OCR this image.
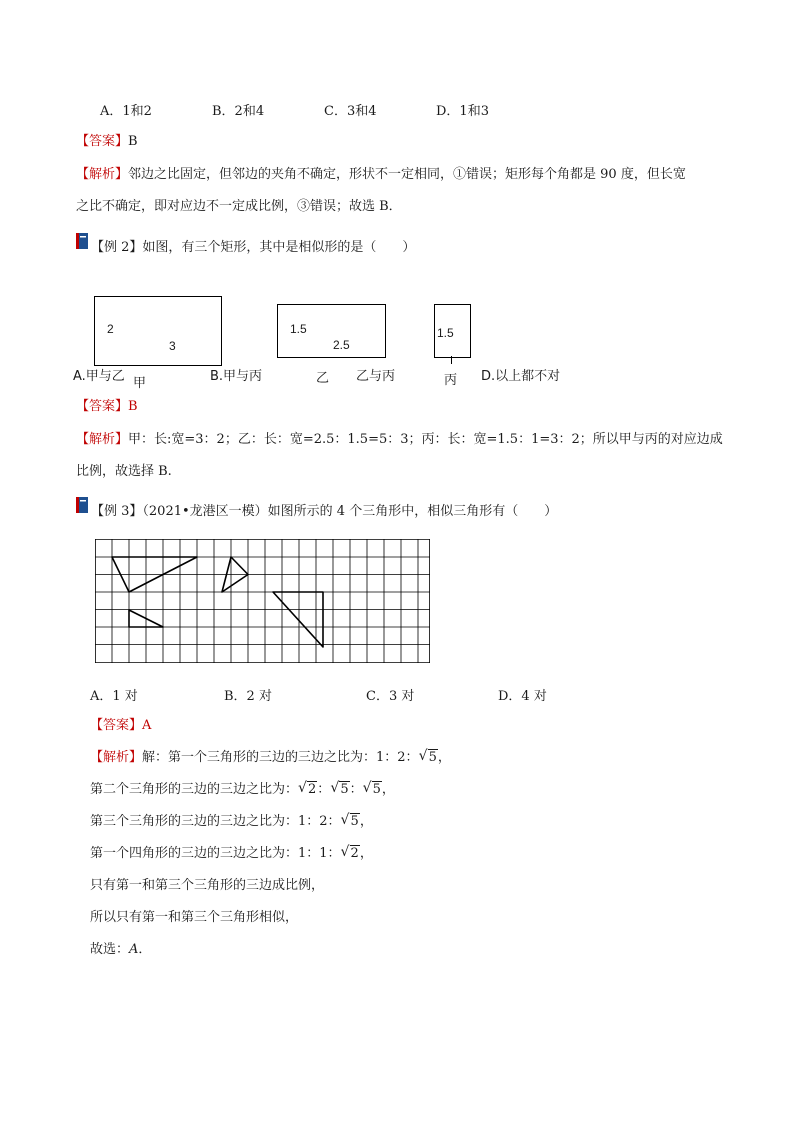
A．1和2	B．2和4	C．3和4	D．1和3
【答案】B
【解析】邻边之比固定，但邻边的夹角不确定，形状不一定相同，①错误；矩形每个角都是 90 度，但长宽
之比不确定，即对应边不一定成比例，③错误；故选 B．
【例 2】如图，有三个矩形，其中是相似形的是（　　）
2
3
1.5
2.5
1.5
A.甲与乙 甲	B.甲与丙	乙 乙与丙	丙 D.以上都不对
【答案】B
【解析】甲：长:宽=3：2；乙：长：宽=2.5：1.5=5：3；丙：长：宽=1.5：1=3：2；所以甲与丙的对应边成
比例，故选择 B.
【例 3】（2021•龙港区一模）如图所示的 4 个三角形中，相似三角形有（　　）
A．1 对	B．2 对	C．3 对	D．4 对
【答案】A
【解析】解：第一个三角形的三边的三边之比为：1：2： √ 5，
第二个三角形的三边的三边之比为： √ 2： √ 5： √ 5，
第三个三角形的三边的三边之比为：1：2： √ 5，
第一个四角形的三边的三边之比为：1：1： √ 2，
只有第一和第三个三角形的三边成比例，
所以只有第一和第三个三角形相似，
故选：A．
